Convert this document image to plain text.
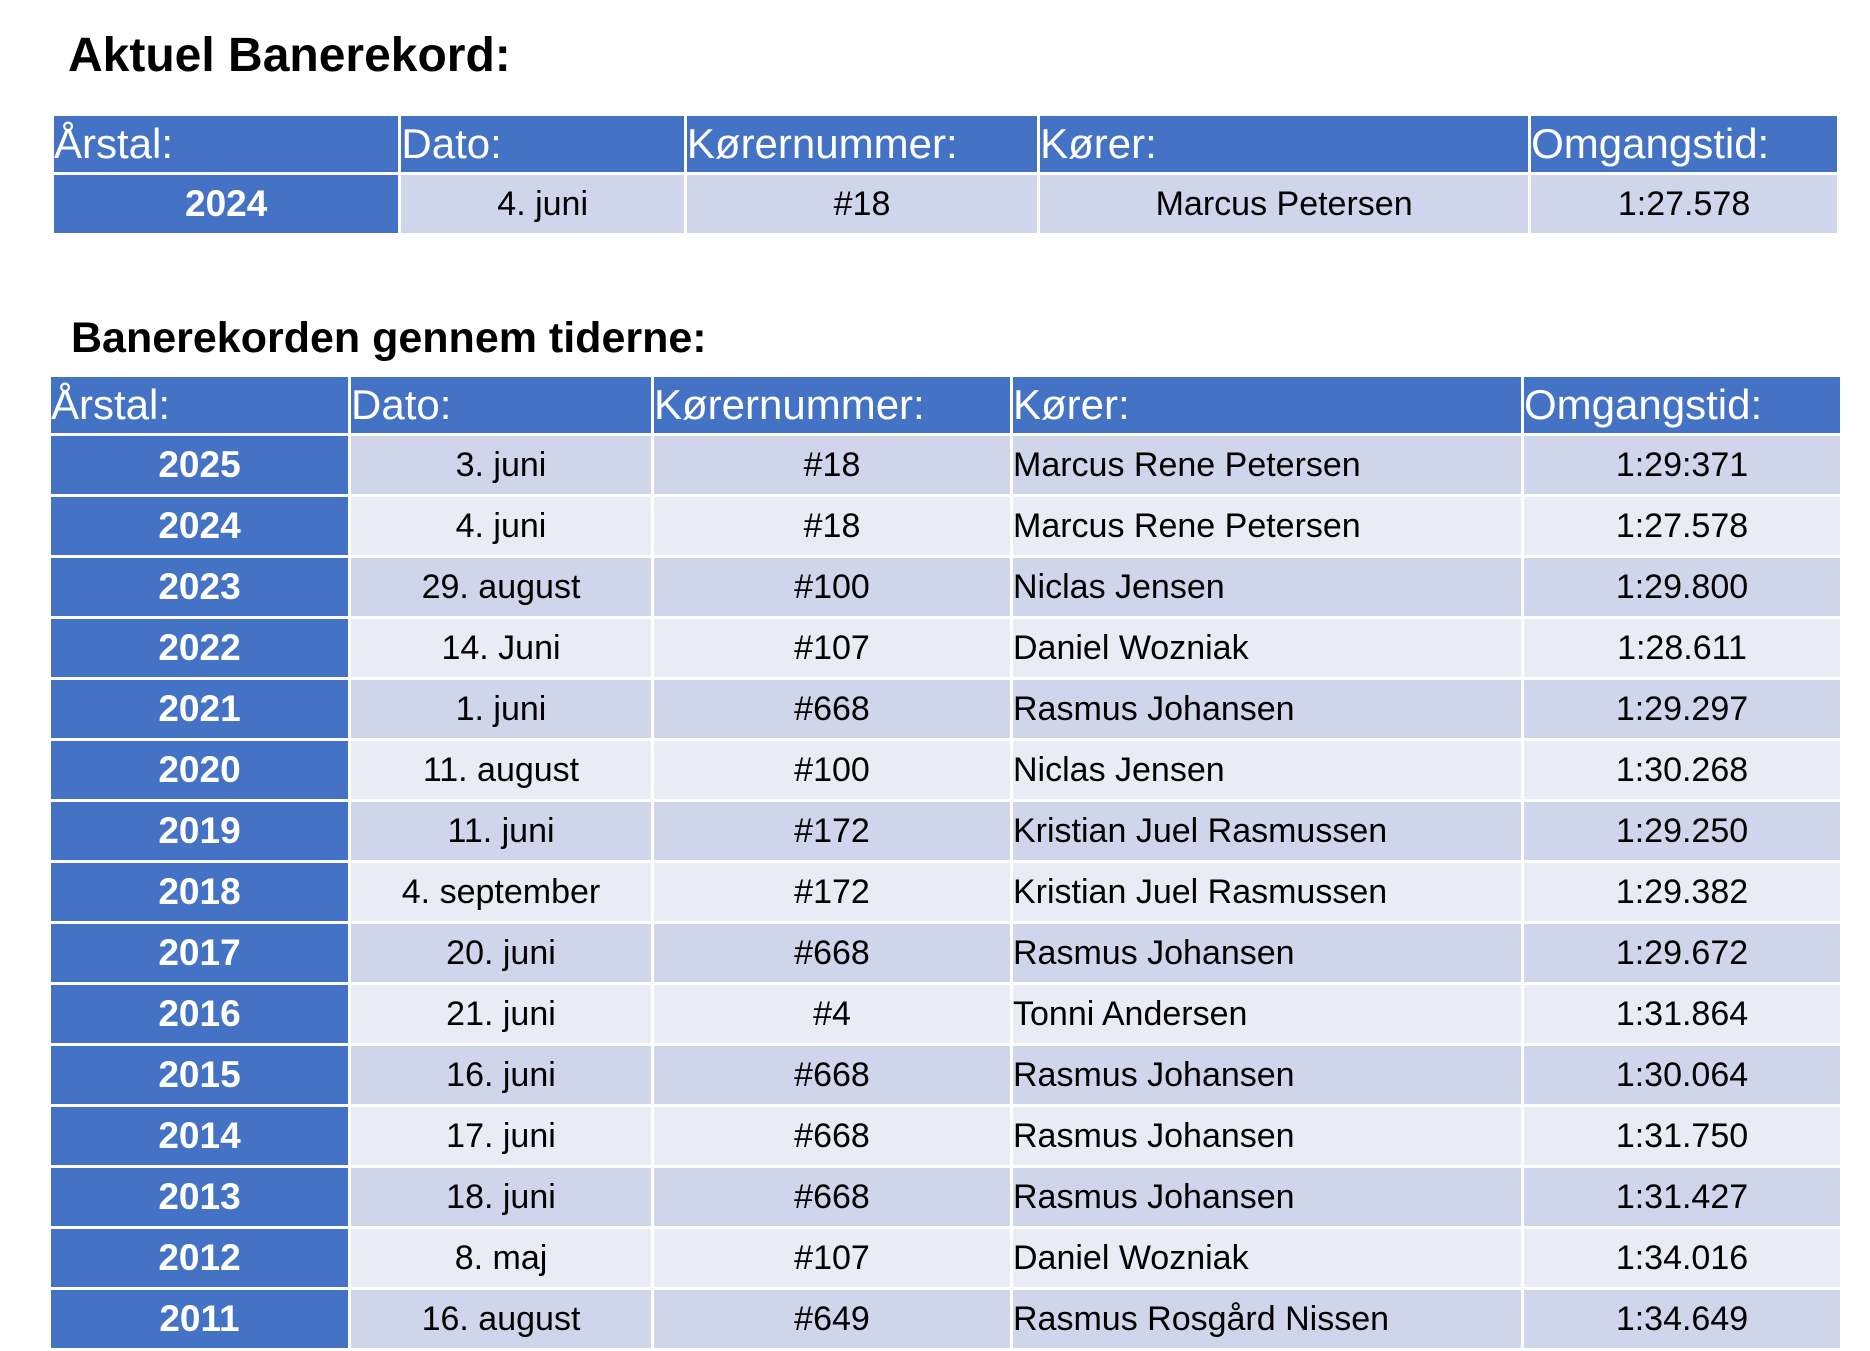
Aktuel Banerekord:
Årstal:	Dato:	Kørernummer:	Kører:	Omgangstid:
2024	4. juni	#18	Marcus Petersen	1:27.578
Banerekorden gennem tiderne:
Årstal:	Dato:	Kørernummer:	Kører:	Omgangstid:
2025	3. juni	#18	Marcus Rene Petersen	1:29:371
2024	4. juni	#18	Marcus Rene Petersen	1:27.578
2023	29. august	#100	Niclas Jensen	1:29.800
2022	14. Juni	#107	Daniel Wozniak	1:28.611
2021	1. juni	#668	Rasmus Johansen	1:29.297
2020	11. august	#100	Niclas Jensen	1:30.268
2019	11. juni	#172	Kristian Juel Rasmussen	1:29.250
2018	4. september	#172	Kristian Juel Rasmussen	1:29.382
2017	20. juni	#668	Rasmus Johansen	1:29.672
2016	21. juni	#4	Tonni Andersen	1:31.864
2015	16. juni	#668	Rasmus Johansen	1:30.064
2014	17. juni	#668	Rasmus Johansen	1:31.750
2013	18. juni	#668	Rasmus Johansen	1:31.427
2012	8. maj	#107	Daniel Wozniak	1:34.016
2011	16. august	#649	Rasmus Rosgård Nissen	1:34.649
